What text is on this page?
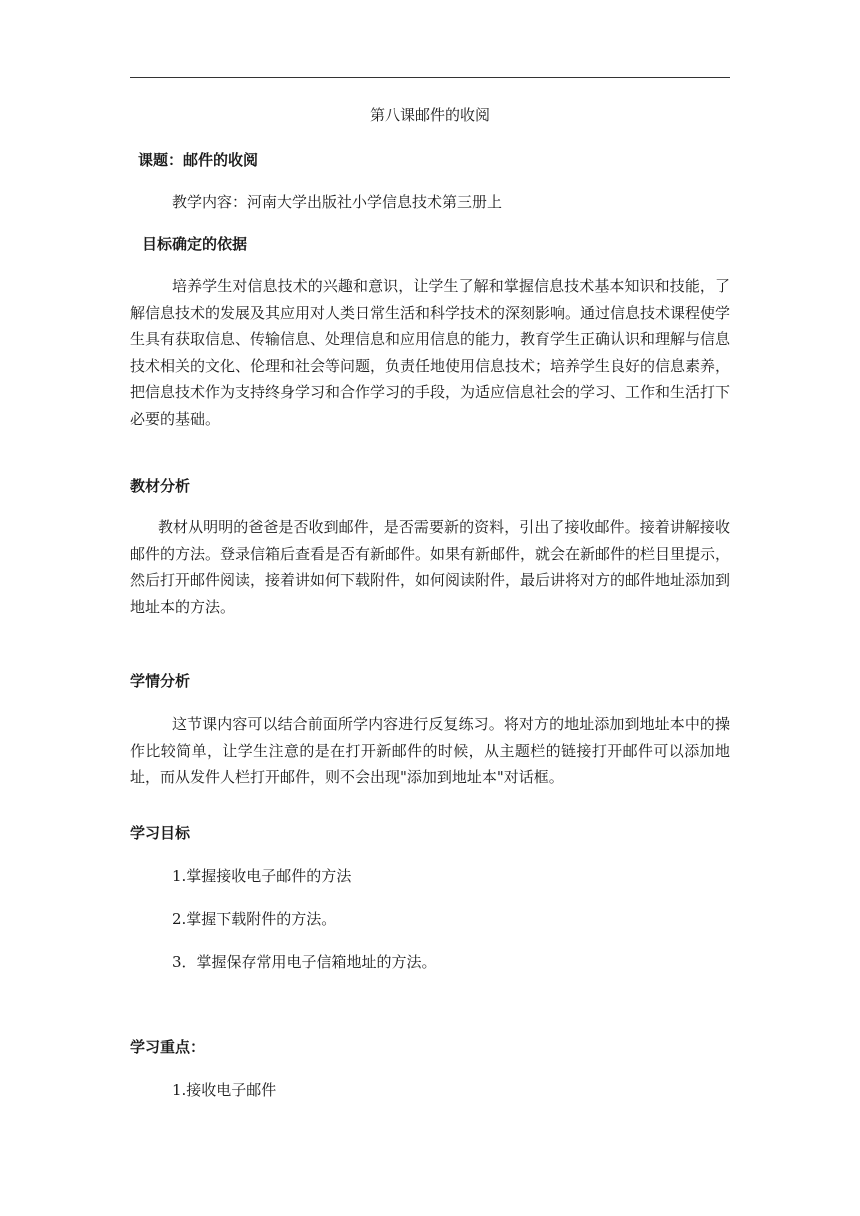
第八课邮件的收阅
课题：邮件的收阅
教学内容：河南大学出版社小学信息技术第三册上
目标确定的依据
培养学生对信息技术的兴趣和意识，让学生了解和掌握信息技术基本知识和技能，了解信息技术的发展及其应用对人类日常生活和科学技术的深刻影响。通过信息技术课程使学生具有获取信息、传输信息、处理信息和应用信息的能力，教育学生正确认识和理解与信息技术相关的文化、伦理和社会等问题，负责任地使用信息技术；培养学生良好的信息素养，把信息技术作为支持终身学习和合作学习的手段，为适应信息社会的学习、工作和生活打下必要的基础。
教材分析
教材从明明的爸爸是否收到邮件，是否需要新的资料，引出了接收邮件。接着讲解接收邮件的方法。登录信箱后查看是否有新邮件。如果有新邮件，就会在新邮件的栏目里提示，然后打开邮件阅读，接着讲如何下载附件，如何阅读附件，最后讲将对方的邮件地址添加到地址本的方法。
学情分析
这节课内容可以结合前面所学内容进行反复练习。将对方的地址添加到地址本中的操作比较简单，让学生注意的是在打开新邮件的时候，从主题栏的链接打开邮件可以添加地址，而从发件人栏打开邮件，则不会出现"添加到地址本"对话框。
学习目标
1.掌握接收电子邮件的方法
2.掌握下载附件的方法。
3．掌握保存常用电子信箱地址的方法。
学习重点：
1.接收电子邮件
